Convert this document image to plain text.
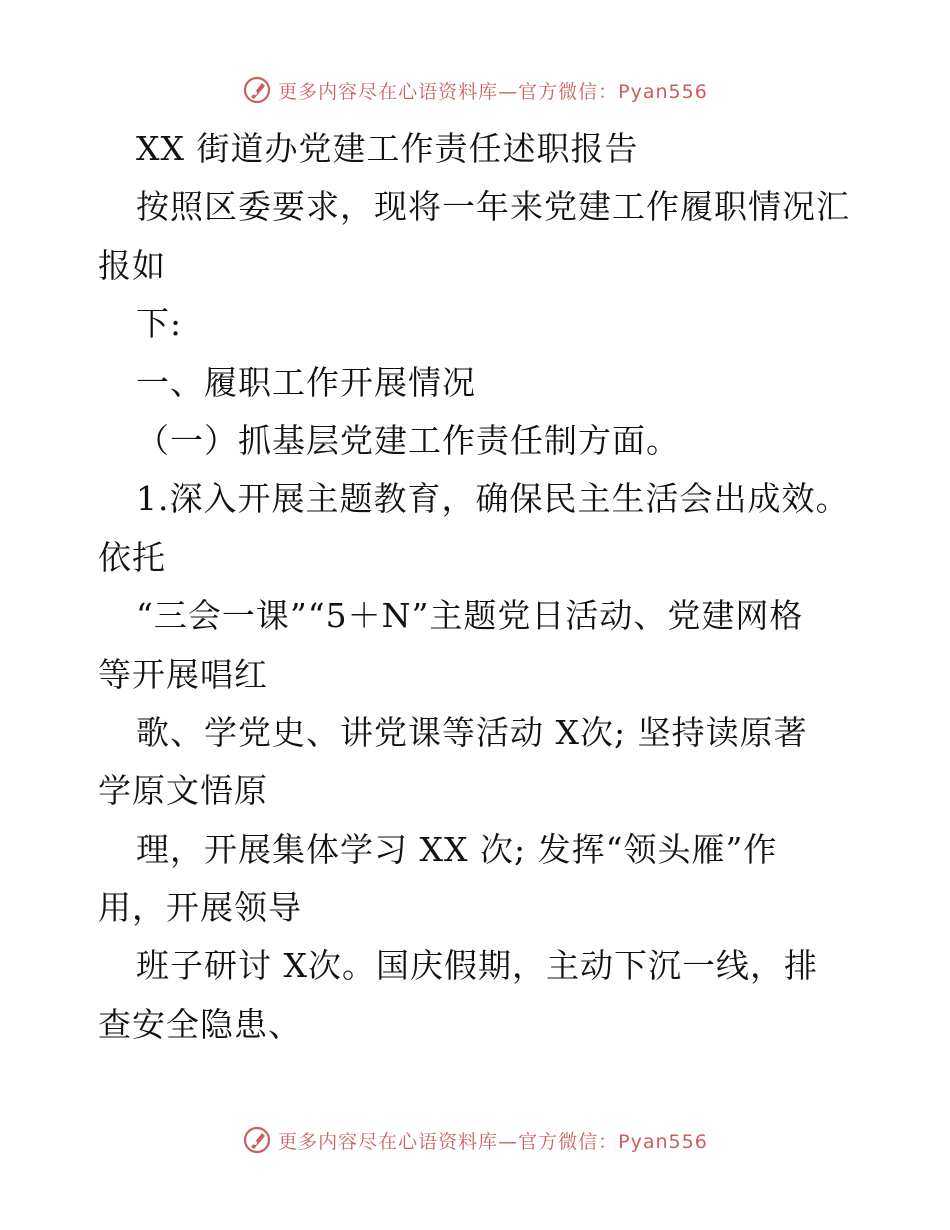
更多内容尽在心语资料库—官方微信：Pyan556
XX 街道办党建工作责任述职报告
按照区委要求，现将一年来党建工作履职情况汇
报如
下:
一、履职工作开展情况
（一）抓基层党建工作责任制方面。
1.深入开展主题教育，确保民主生活会出成效。
依托
“三会一课”“5＋N”主题党日活动、党建网格
等开展唱红
歌、学党史、讲党课等活动 X次; 坚持读原著
学原文悟原
理，开展集体学习 XX 次; 发挥“领头雁”作
用，开展领导
班子研讨 X次。国庆假期，主动下沉一线，排
查安全隐患、
更多内容尽在心语资料库—官方微信：Pyan556
